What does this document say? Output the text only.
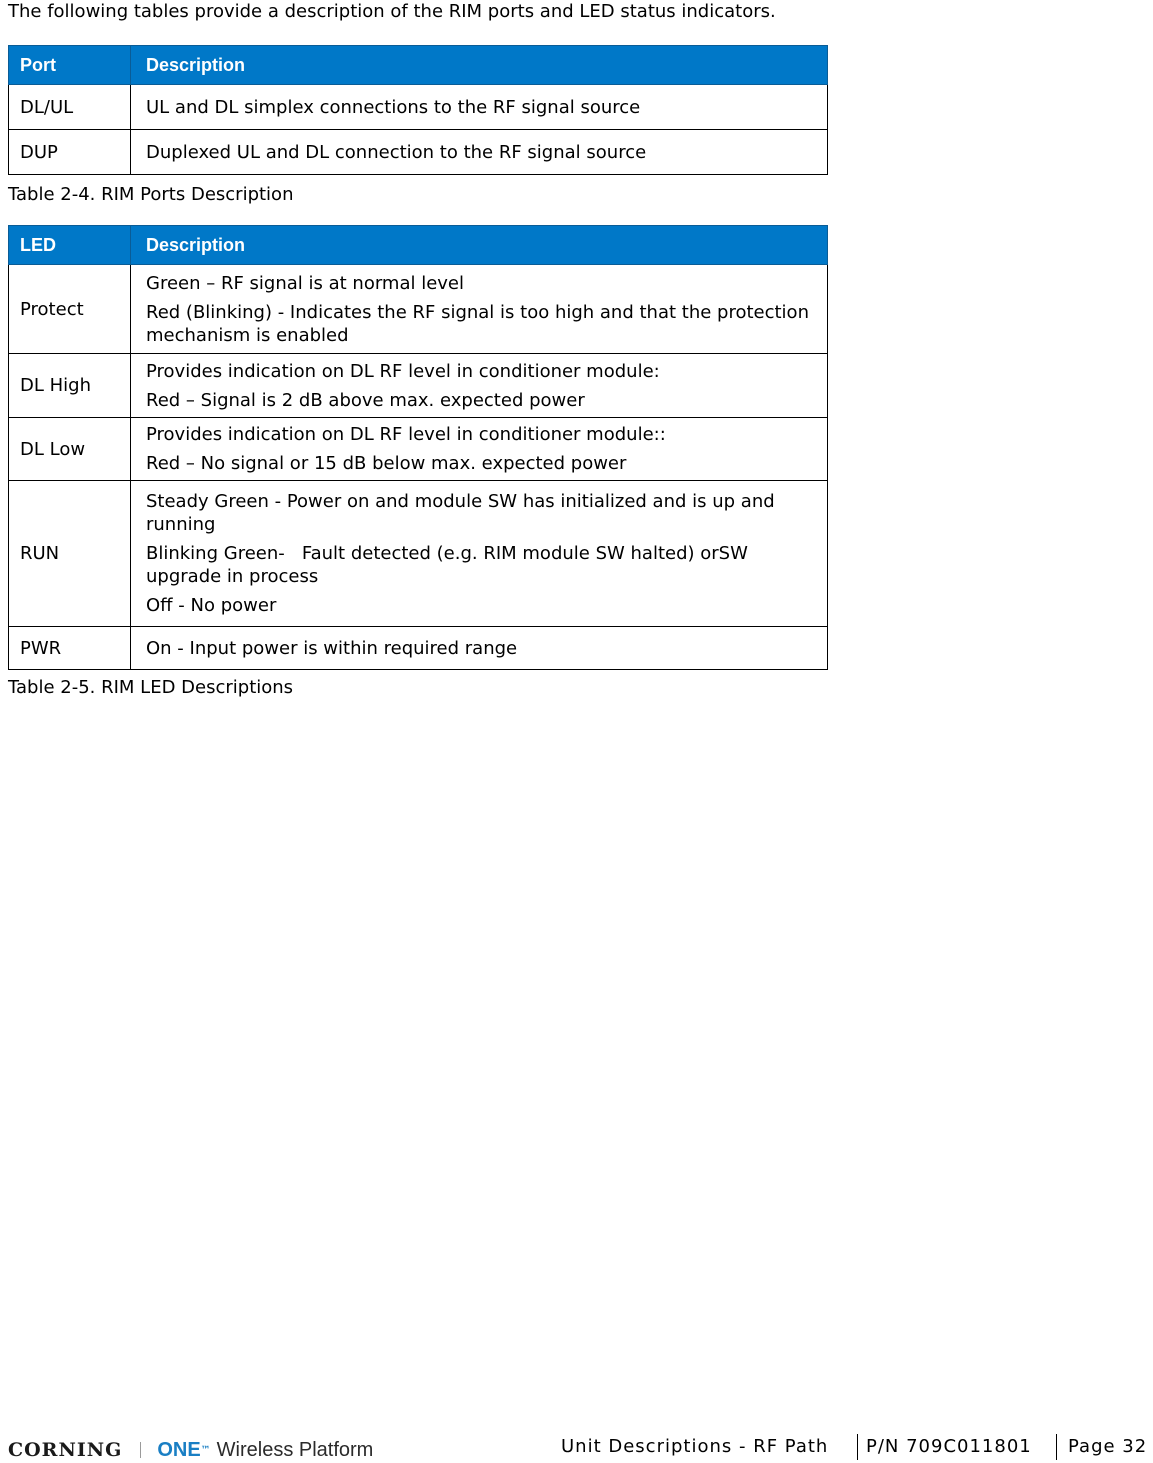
The following tables provide a description of the RIM ports and LED status indicators.
Port	Description
DL/UL	UL and DL simplex connections to the RF signal source
DUP	Duplexed UL and DL connection to the RF signal source
Table 2-4. RIM Ports Description
LED	Description
Protect	Green – RF signal is at normal level
Red (Blinking) - Indicates the RF signal is too high and that the protection mechanism is enabled

DL High	Provides indication on DL RF level in conditioner module:
Red – Signal is 2 dB above max. expected power

DL Low	Provides indication on DL RF level in conditioner module::
Red – No signal or 15 dB below max. expected power

RUN	Steady Green - Power on and module SW has initialized and is up and running
Blinking Green-   Fault detected (e.g. RIM module SW halted) orSW upgrade in process
Off - No power

PWR	On - Input power is within required range
Table 2-5. RIM LED Descriptions
CORNING ONE ™ Wireless Platform	Unit Descriptions - RF Path P/N 709C011801 Page 32
